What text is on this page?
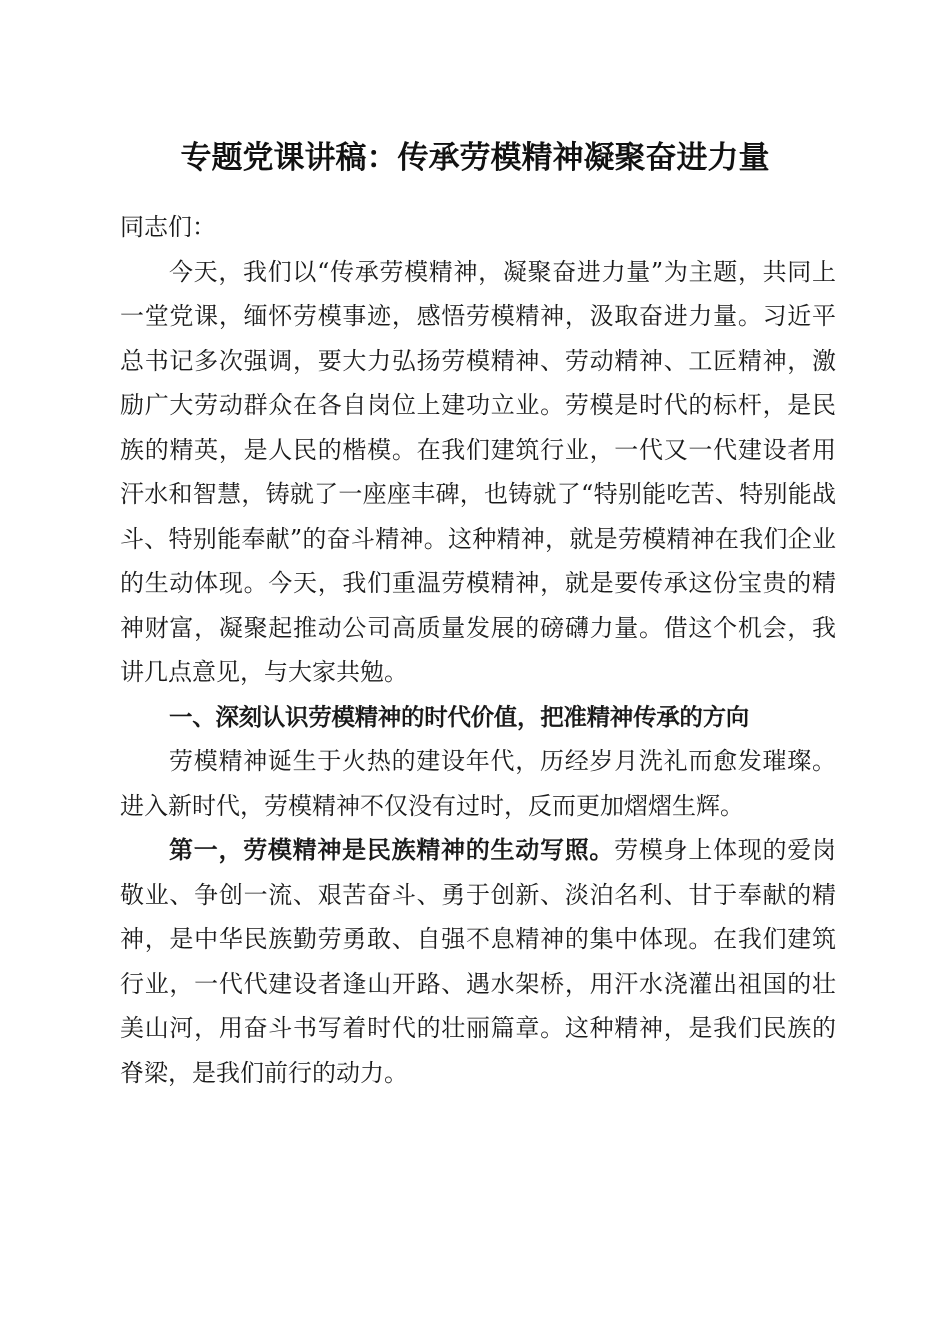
专题党课讲稿：传承劳模精神凝聚奋进力量

同志们：

今天，我们以“传承劳模精神，凝聚奋进力量”为主题，共同上一堂党课，缅怀劳模事迹，感悟劳模精神，汲取奋进力量。习近平总书记多次强调，要大力弘扬劳模精神、劳动精神、工匠精神，激励广大劳动群众在各自岗位上建功立业。劳模是时代的标杆，是民族的精英，是人民的楷模。在我们建筑行业，一代又一代建设者用汗水和智慧，铸就了一座座丰碑，也铸就了“特别能吃苦、特别能战斗、特别能奉献”的奋斗精神。这种精神，就是劳模精神在我们企业的生动体现。今天，我们重温劳模精神，就是要传承这份宝贵的精神财富，凝聚起推动公司高质量发展的磅礴力量。借这个机会，我讲几点意见，与大家共勉。

一、深刻认识劳模精神的时代价值，把准精神传承的方向

劳模精神诞生于火热的建设年代，历经岁月洗礼而愈发璀璨。进入新时代，劳模精神不仅没有过时，反而更加熠熠生辉。

第一，劳模精神是民族精神的生动写照。劳模身上体现的爱岗敬业、争创一流、艰苦奋斗、勇于创新、淡泊名利、甘于奉献的精神，是中华民族勤劳勇敢、自强不息精神的集中体现。在我们建筑行业，一代代建设者逢山开路、遇水架桥，用汗水浇灌出祖国的壮美山河，用奋斗书写着时代的壮丽篇章。这种精神，是我们民族的脊梁，是我们前行的动力。
